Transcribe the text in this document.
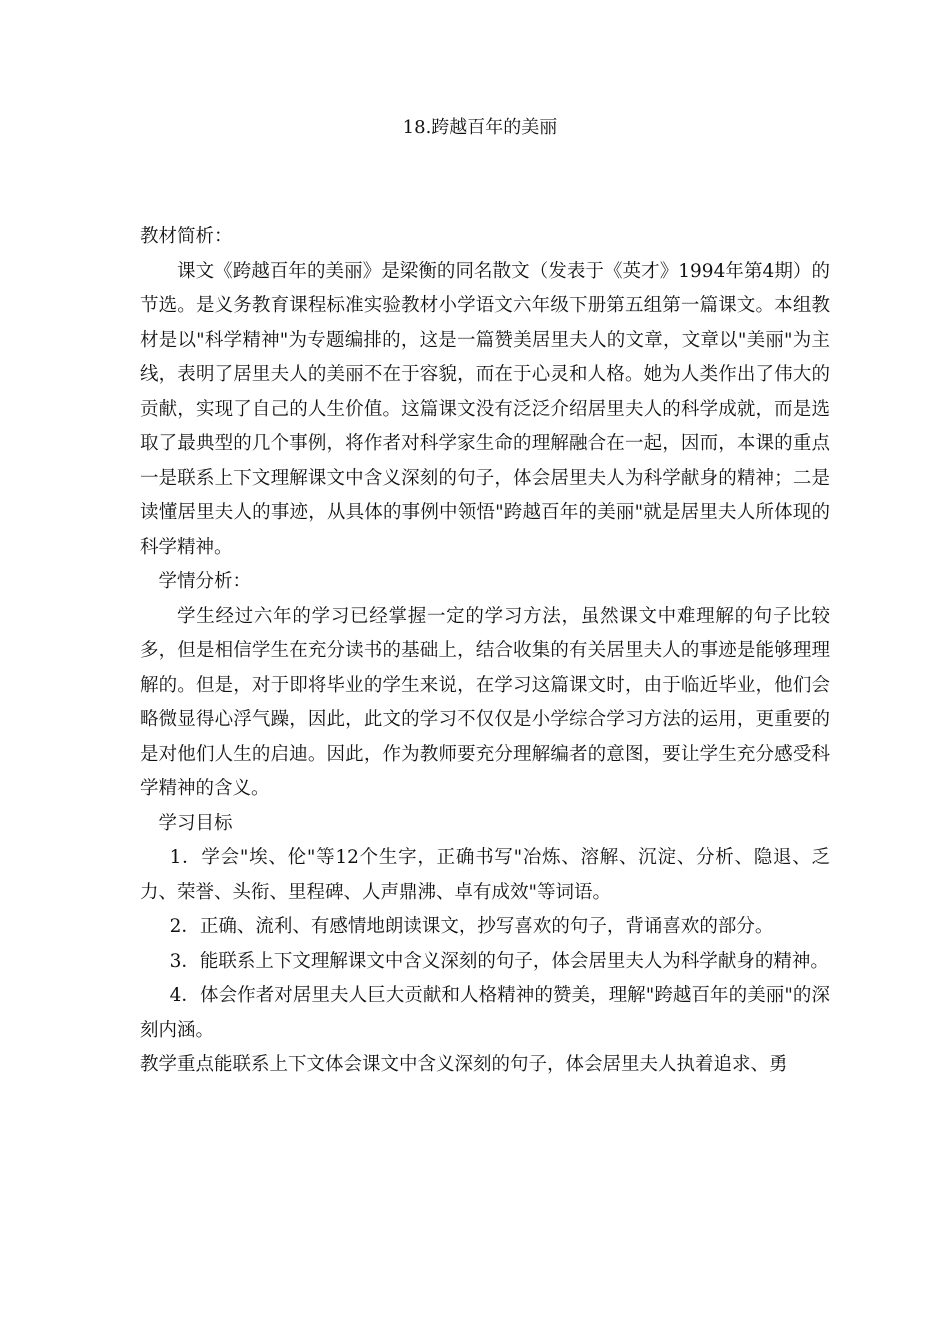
18.跨越百年的美丽

教材简析：

课文《跨越百年的美丽》是梁衡的同名散文（发表于《英才》1994年第4期）的节选。是义务教育课程标准实验教材小学语文六年级下册第五组第一篇课文。本组教材是以"科学精神"为专题编排的，这是一篇赞美居里夫人的文章，文章以"美丽"为主线，表明了居里夫人的美丽不在于容貌，而在于心灵和人格。她为人类作出了伟大的贡献，实现了自己的人生价值。这篇课文没有泛泛介绍居里夫人的科学成就，而是选取了最典型的几个事例，将作者对科学家生命的理解融合在一起，因而，本课的重点一是联系上下文理解课文中含义深刻的句子，体会居里夫人为科学献身的精神；二是读懂居里夫人的事迹，从具体的事例中领悟"跨越百年的美丽"就是居里夫人所体现的科学精神。

学情分析：

学生经过六年的学习已经掌握一定的学习方法，虽然课文中难理解的句子比较多，但是相信学生在充分读书的基础上，结合收集的有关居里夫人的事迹是能够理理解的。但是，对于即将毕业的学生来说，在学习这篇课文时，由于临近毕业，他们会略微显得心浮气躁，因此，此文的学习不仅仅是小学综合学习方法的运用，更重要的是对他们人生的启迪。因此，作为教师要充分理解编者的意图，要让学生充分感受科学精神的含义。

学习目标

1．学会"埃、伦"等12个生字，正确书写"冶炼、溶解、沉淀、分析、隐退、乏力、荣誉、头衔、里程碑、人声鼎沸、卓有成效"等词语。

2．正确、流利、有感情地朗读课文，抄写喜欢的句子，背诵喜欢的部分。

3．能联系上下文理解课文中含义深刻的句子，体会居里夫人为科学献身的精神。

4．体会作者对居里夫人巨大贡献和人格精神的赞美，理解"跨越百年的美丽"的深刻内涵。

教学重点能联系上下文体会课文中含义深刻的句子，体会居里夫人执着追求、勇
